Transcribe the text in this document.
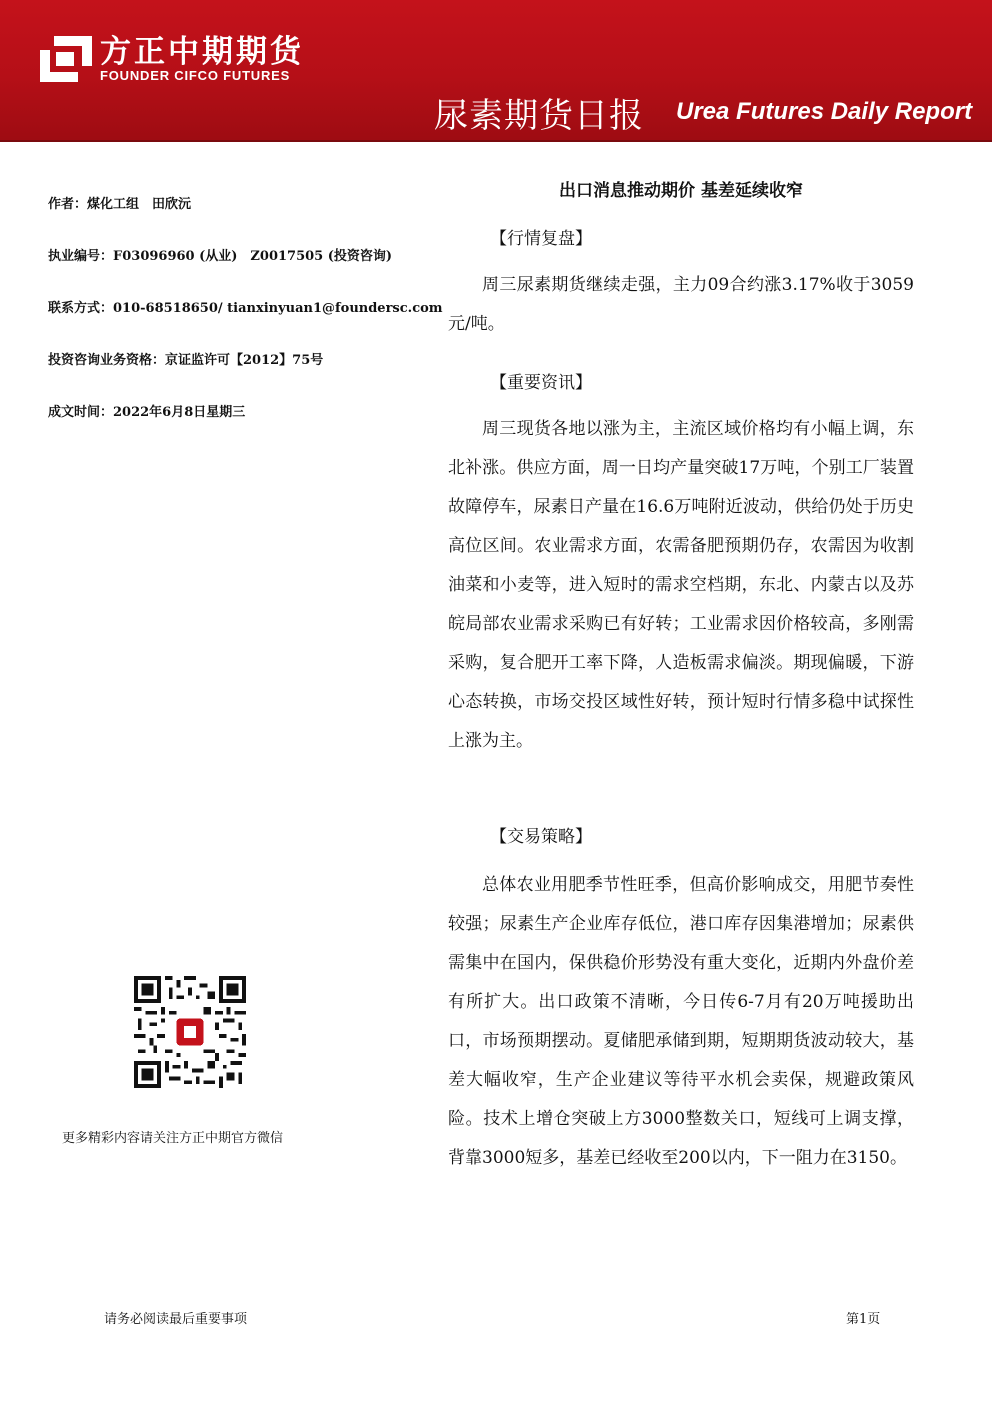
方正中期期货
FOUNDER CIFCO FUTURES
尿素期货日报 Urea Futures Daily Report
作者：煤化工组　田欣沅
执业编号：F03096960 (从业)　Z0017505 (投资咨询)
联系方式：010-68518650/ tianxinyuan1@foundersc.com
投资咨询业务资格：京证监许可【2012】75号
成文时间：2022年6月8日星期三
更多精彩内容请关注方正中期官方微信
出口消息推动期价 基差延续收窄
【行情复盘】

周三尿素期货继续走强，主力09合约涨3.17%收于3059元/吨。

【重要资讯】

周三现货各地以涨为主，主流区域价格均有小幅上调，东北补涨。供应方面，周一日均产量突破17万吨，个别工厂装置故障停车，尿素日产量在16.6万吨附近波动，供给仍处于历史高位区间。农业需求方面，农需备肥预期仍存，农需因为收割油菜和小麦等，进入短时的需求空档期，东北、内蒙古以及苏皖局部农业需求采购已有好转；工业需求因价格较高，多刚需采购，复合肥开工率下降，人造板需求偏淡。期现偏暖，下游心态转换，市场交投区域性好转，预计短时行情多稳中试探性上涨为主。

【交易策略】

总体农业用肥季节性旺季，但高价影响成交，用肥节奏性较强；尿素生产企业库存低位，港口库存因集港增加；尿素供需集中在国内，保供稳价形势没有重大变化，近期内外盘价差有所扩大。出口政策不清晰，今日传6-7月有20万吨援助出口，市场预期摆动。夏储肥承储到期，短期期货波动较大，基差大幅收窄，生产企业建议等待平水机会卖保，规避政策风险。技术上增仓突破上方3000整数关口，短线可上调支撑，背靠3000短多，基差已经收至200以内，下一阻力在3150。

请务必阅读最后重要事项	第1页
